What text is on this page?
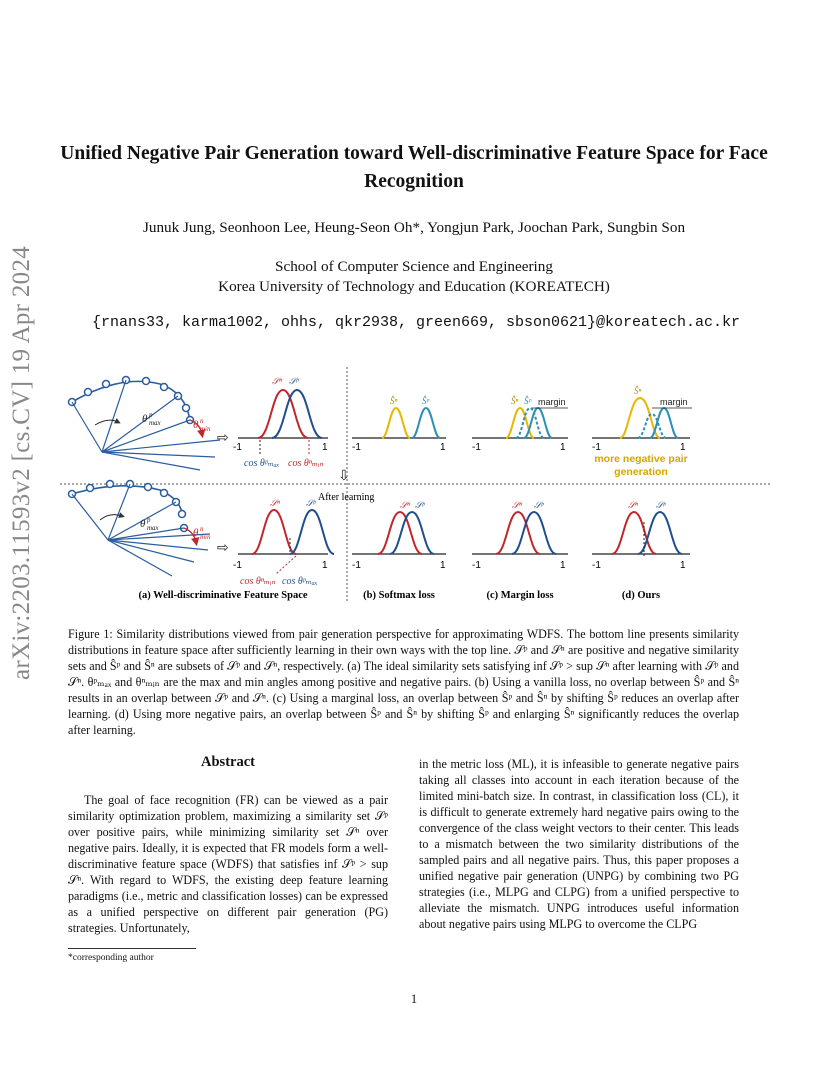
arXiv:2203.11593v2 [cs.CV] 19 Apr 2024
Unified Negative Pair Generation toward Well-discriminative Feature Space for Face Recognition
Junuk Jung, Seonhoon Lee, Heung-Seon Oh*, Yongjun Park, Joochan Park, Sungbin Son
School of Computer Science and Engineering
Korea University of Technology and Education (KOREATECH)
{rnans33, karma1002, ohhs, qkr2938, green669, sbson0621}@koreatech.ac.kr
θ p
max	θ n
min ⇨
𝒮ⁿ 𝒮ᵖ
-1	1
cos θᵖₘₐₓ cos θⁿₘᵢₙ
⇩
After learning
θ p
max	θ n
min
⇨
𝒮ⁿ	𝒮ᵖ
-1	1
cos θⁿₘᵢₙ cos θᵖₘₐₓ
Ŝⁿ	Ŝᵖ
-1	1
𝒮ⁿ 𝒮ᵖ
-1	1
Ŝⁿ Ŝᵖ margin
-1	1
𝒮ⁿ 𝒮ᵖ
-1	1
Ŝⁿ
margin
-1	1
more negative pair
generation
𝒮ⁿ 𝒮ᵖ
-1	1
(a) Well-discriminative Feature Space	(b) Softmax loss	(c) Margin loss	(d) Ours
Figure 1: Similarity distributions viewed from pair generation perspective for approximating WDFS. The bottom line presents similarity distributions in feature space after sufficiently learning in their own ways with the top line. 𝒮ᵖ and 𝒮ⁿ are positive and negative similarity sets and Ŝᵖ and Ŝⁿ are subsets of 𝒮ᵖ and 𝒮ⁿ, respectively. (a) The ideal similarity sets satisfying inf 𝒮ᵖ > sup 𝒮ⁿ after learning with 𝒮ᵖ and 𝒮ⁿ. θᵖₘₐₓ and θⁿₘᵢₙ are the max and min angles among positive and negative pairs. (b) Using a vanilla loss, no overlap between Ŝᵖ and Ŝⁿ results in an overlap between 𝒮ᵖ and 𝒮ⁿ. (c) Using a marginal loss, an overlap between Ŝᵖ and Ŝⁿ by shifting Ŝᵖ reduces an overlap after learning. (d) Using more negative pairs, an overlap between Ŝᵖ and Ŝⁿ by shifting Ŝᵖ and enlarging Ŝⁿ significantly reduces the overlap after learning.
Abstract
The goal of face recognition (FR) can be viewed as a pair similarity optimization problem, maximizing a similarity set 𝒮ᵖ over positive pairs, while minimizing similarity set 𝒮ⁿ over negative pairs. Ideally, it is expected that FR models form a well-discriminative feature space (WDFS) that satisfies inf 𝒮ᵖ > sup 𝒮ⁿ. With regard to WDFS, the existing deep feature learning paradigms (i.e., metric and classification losses) can be expressed as a unified perspective on different pair generation (PG) strategies. Unfortunately,
in the metric loss (ML), it is infeasible to generate negative pairs taking all classes into account in each iteration because of the limited mini-batch size. In contrast, in classification loss (CL), it is difficult to generate extremely hard negative pairs owing to the convergence of the class weight vectors to their center. This leads to a mismatch between the two similarity distributions of the sampled pairs and all negative pairs. Thus, this paper proposes a unified negative pair generation (UNPG) by combining two PG strategies (i.e., MLPG and CLPG) from a unified perspective to alleviate the mismatch. UNPG introduces useful information about negative pairs using MLPG to overcome the CLPG
*corresponding author
1
